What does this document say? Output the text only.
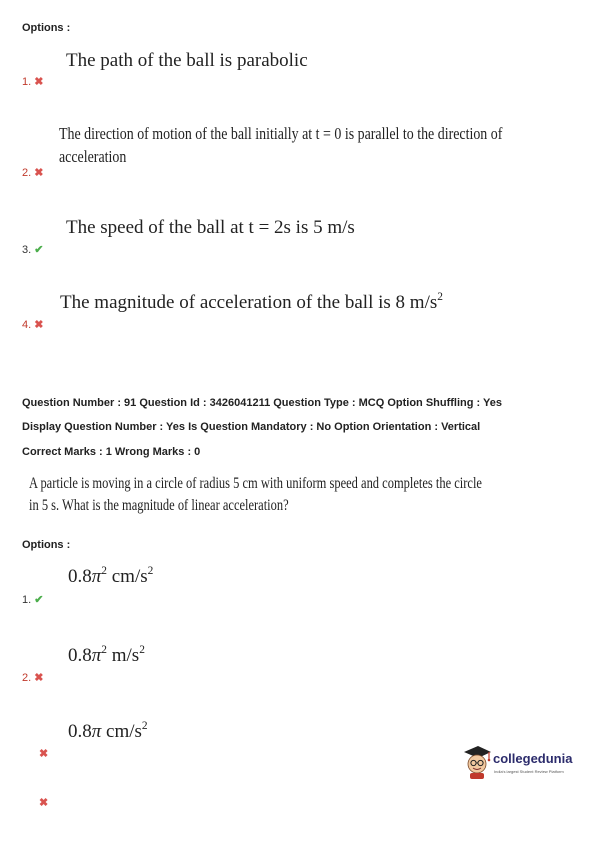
Options :
The path of the ball is parabolic
1. ✖
The direction of motion of the ball initially at t = 0 is parallel to the direction of
acceleration
2. ✖
The speed of the ball at t = 2s is 5 m/s
3. ✔
The magnitude of acceleration of the ball is 8 $m/s^2$
4. ✖
Question Number : 91 Question Id : 3426041211 Question Type : MCQ Option Shuffling : Yes
Display Question Number : Yes Is Question Mandatory : No Option Orientation : Vertical
Correct Marks : 1 Wrong Marks : 0
A particle is moving in a circle of radius 5 cm with uniform speed and completes the circle
in 5 s. What is the magnitude of linear acceleration?
Options :
$0.8\pi^2$ $cm/s^2$
1. ✔
$0.8\pi^2$ $m/s^2$
2. ✖
0.8π $cm/s^2$
✖
✖
collegedunia
India's largest Student Review Platform
